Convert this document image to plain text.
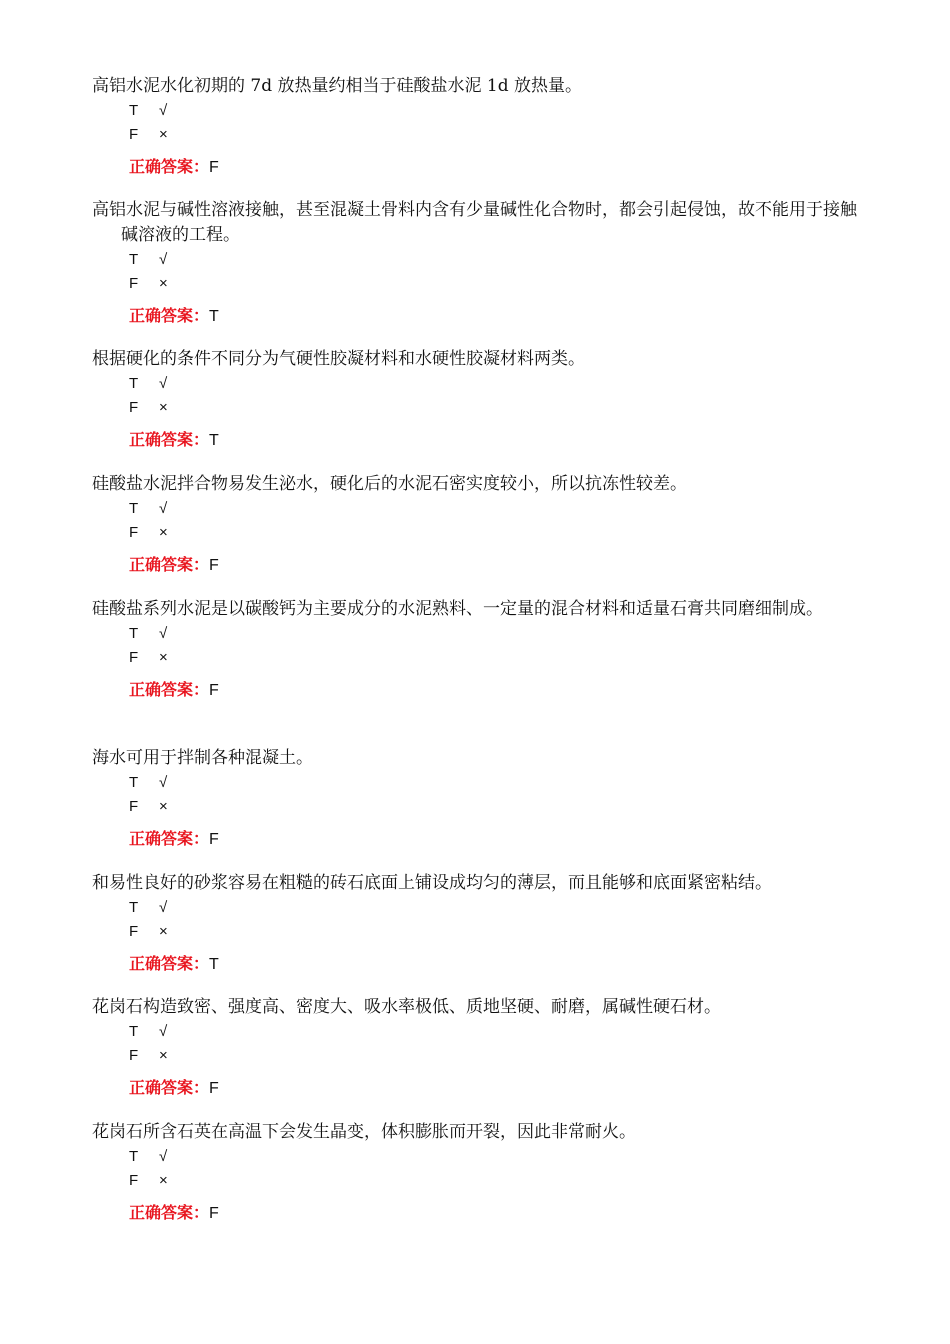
高铝水泥水化初期的 7d 放热量约相当于硅酸盐水泥 1d 放热量。

T √
F ×
正确答案：F

高铝水泥与碱性溶液接触，甚至混凝土骨料内含有少量碱性化合物时，都会引起侵蚀，故不能用于接触碱溶液的工程。

T √
F ×
正确答案：T

根据硬化的条件不同分为气硬性胶凝材料和水硬性胶凝材料两类。

T √
F ×
正确答案：T

硅酸盐水泥拌合物易发生泌水，硬化后的水泥石密实度较小，所以抗冻性较差。

T √
F ×
正确答案：F

硅酸盐系列水泥是以碳酸钙为主要成分的水泥熟料、一定量的混合材料和适量石膏共同磨细制成。

T √
F ×
正确答案：F

海水可用于拌制各种混凝土。

T √
F ×
正确答案：F

和易性良好的砂浆容易在粗糙的砖石底面上铺设成均匀的薄层，而且能够和底面紧密粘结。

T √
F ×
正确答案：T

花岗石构造致密、强度高、密度大、吸水率极低、质地坚硬、耐磨，属碱性硬石材。

T √
F ×
正确答案：F

花岗石所含石英在高温下会发生晶变，体积膨胀而开裂，因此非常耐火。

T √
F ×
正确答案：F
